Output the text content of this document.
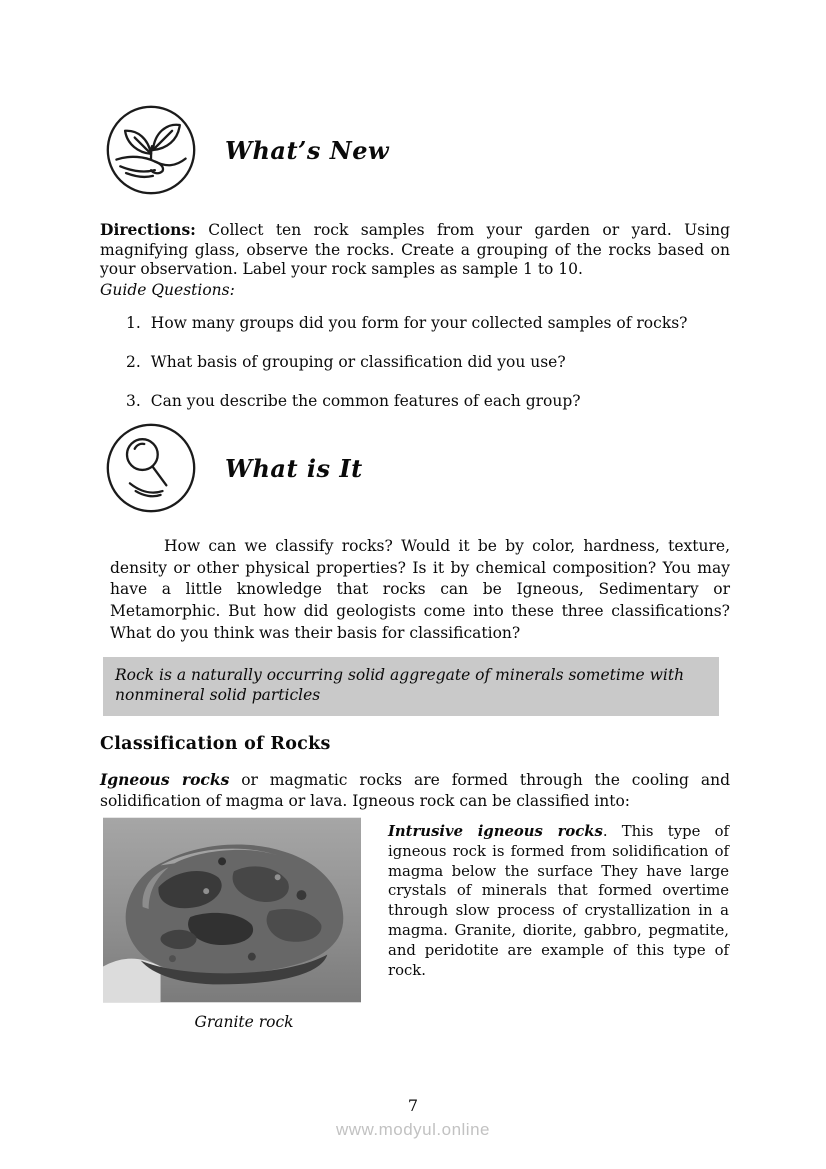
What’s New

Directions: Collect ten rock samples from your garden or yard. Using magnifying glass, observe the rocks. Create a grouping of the rocks based on your observation. Label your rock samples as sample 1 to 10.

Guide Questions:
1. How many groups did you form for your collected samples of rocks?
2. What basis of grouping or classification did you use?
3. Can you describe the common features of each group?
What is It

How can we classify rocks? Would it be by color, hardness, texture, density or other physical properties? Is it by chemical composition? You may have a little knowledge that rocks can be Igneous, Sedimentary or Metamorphic. But how did geologists come into these three classifications? What do you think was their basis for classification?

Rock is a naturally occurring solid aggregate of minerals sometime with nonmineral solid particles
Classification of Rocks

Igneous rocks or magmatic rocks are formed through the cooling and solidification of magma or lava. Igneous rock can be classified into:

Granite rock

Intrusive igneous rocks. This type of igneous rock is formed from solidification of magma below the surface They have large crystals of minerals that formed overtime through slow process of crystallization in a magma. Granite, diorite, gabbro, pegmatite, and peridotite are example of this type of rock.

7
www.modyul.online
